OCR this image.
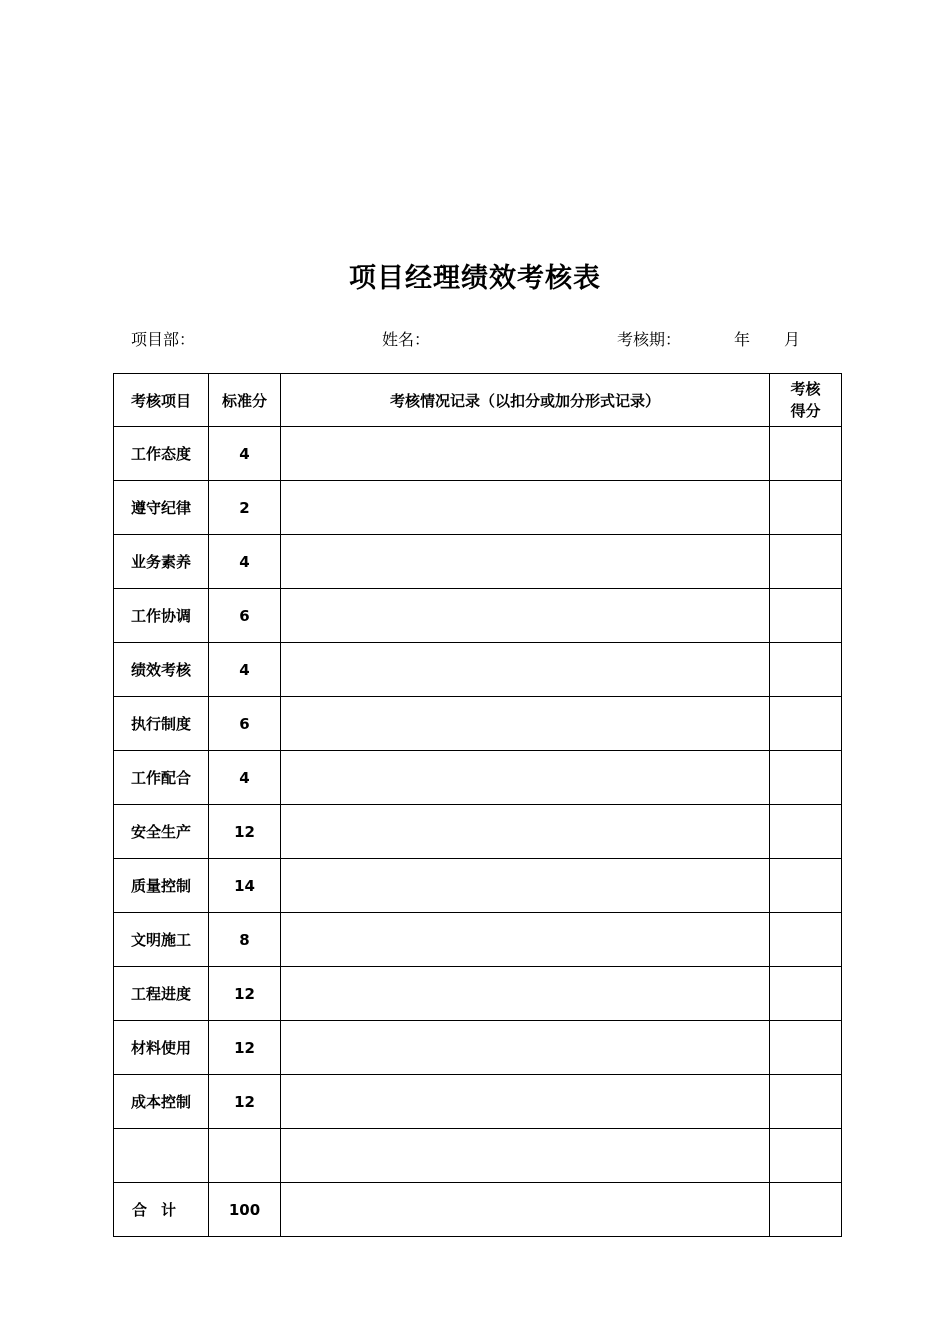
项目经理绩效考核表
项目部：	姓名：	考核期：	年 月
考核项目	标准分	考核情况记录（以扣分或加分形式记录）	考核
得分
工作态度	4		
遵守纪律	2		
业务素养	4		
工作协调	6		
绩效考核	4		
执行制度	6		
工作配合	4		
安全生产	12		
质量控制	14		
文明施工	8		
工程进度	12		
材料使用	12		
成本控制	12		

合计	100		
